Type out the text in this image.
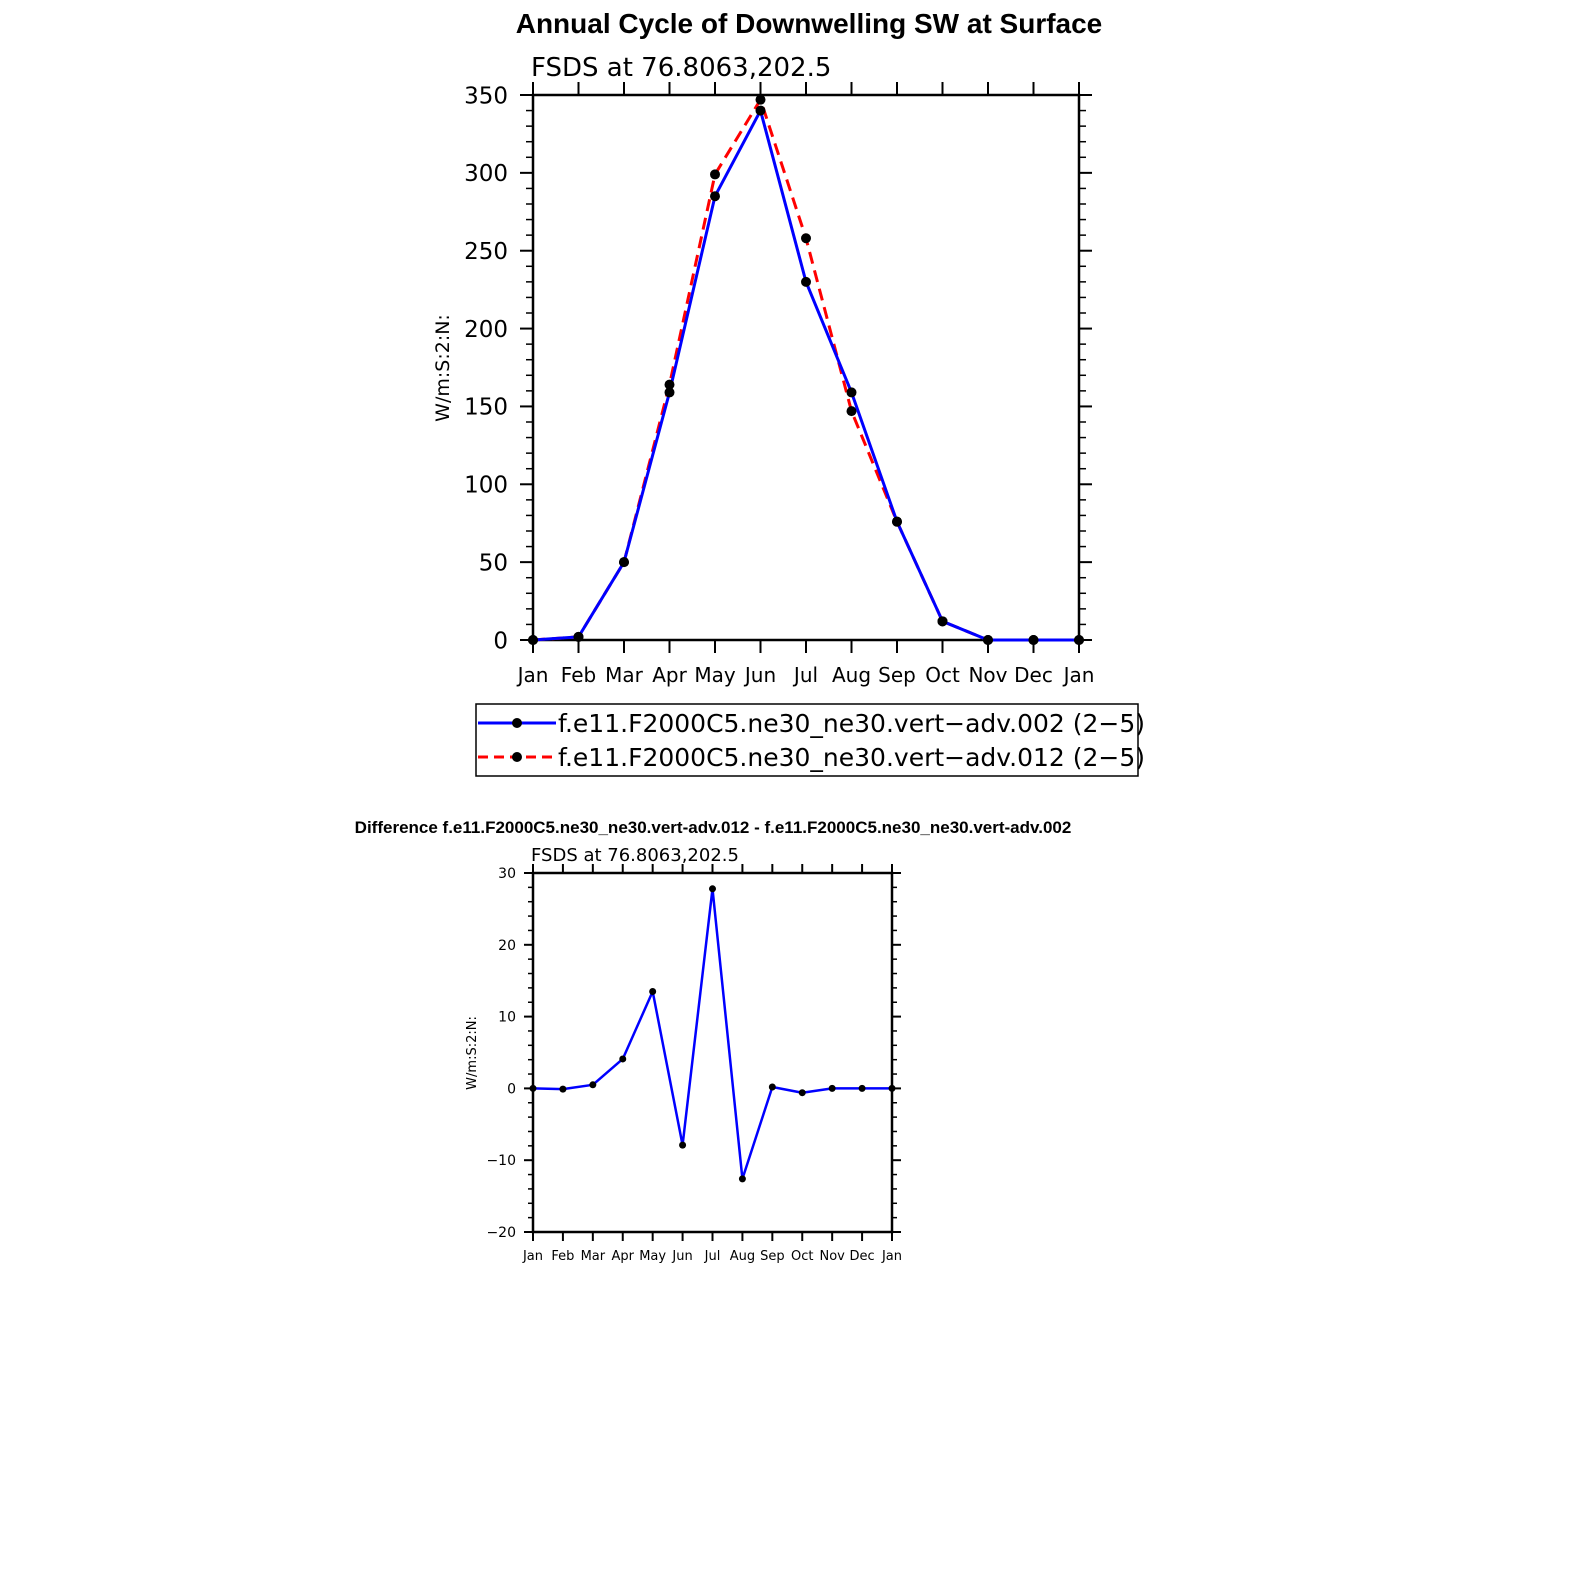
Annual Cycle of Downwelling SW at Surface
FSDS at 76.8063,202.5
W/m:S:2:N:
0
50
100
150
200
250
300
350
Jan Feb Mar Apr May Jun Jul Aug Sep Oct Nov Dec Jan
f.e11.F2000C5.ne30_ne30.vert−adv.002 (2−5)
f.e11.F2000C5.ne30_ne30.vert−adv.012 (2−5)
Difference f.e11.F2000C5.ne30_ne30.vert-adv.012 - f.e11.F2000C5.ne30_ne30.vert-adv.002
FSDS at 76.8063,202.5
W/m:S:2:N:
−20
−10
0
10
20
30
Jan Feb Mar Apr May Jun Jul Aug Sep Oct Nov Dec Jan
